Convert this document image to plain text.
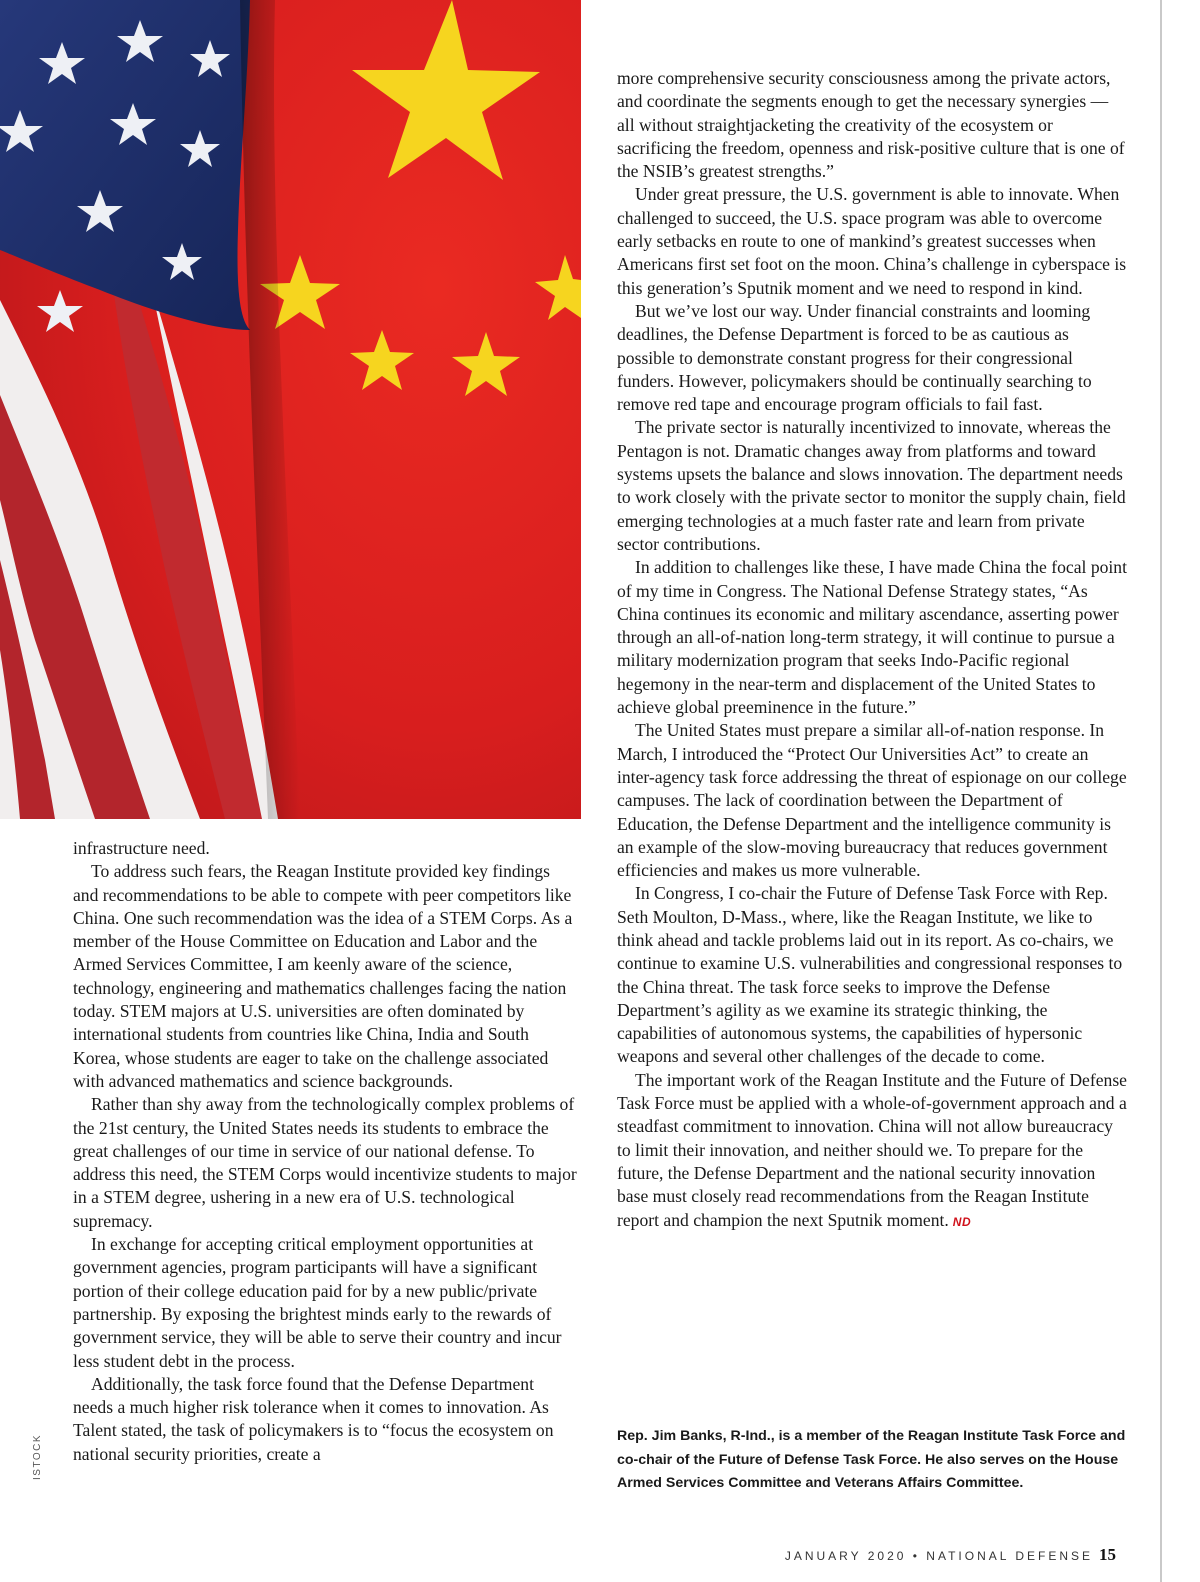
ISTOCK

infrastructure need.

To address such fears, the Reagan Institute provided key findings and recommendations to be able to compete with peer competitors like China. One such recommendation was the idea of a STEM Corps. As a member of the House Committee on Education and Labor and the Armed Services Committee, I am keenly aware of the science, technology, engineering and mathematics challenges facing the nation today. STEM majors at U.S. universities are often dominated by international students from countries like China, India and South Korea, whose students are eager to take on the challenge associated with advanced mathematics and science backgrounds.

Rather than shy away from the technologically complex problems of the 21st century, the United States needs its students to embrace the great challenges of our time in service of our national defense. To address this need, the STEM Corps would incentivize students to major in a STEM degree, ushering in a new era of U.S. technological supremacy.

In exchange for accepting critical employment opportunities at government agencies, program participants will have a significant portion of their college education paid for by a new public/private partnership. By exposing the brightest minds early to the rewards of government service, they will be able to serve their country and incur less student debt in the process.

Additionally, the task force found that the Defense Department needs a much higher risk tolerance when it comes to innovation. As Talent stated, the task of policymakers is to “focus the ecosystem on national security priorities, create a

more comprehensive security consciousness among the private actors, and coordinate the segments enough to get the necessary synergies — all without straightjacketing the creativity of the ecosystem or sacrificing the freedom, openness and risk-positive culture that is one of the NSIB’s greatest strengths.”

Under great pressure, the U.S. government is able to innovate. When challenged to succeed, the U.S. space program was able to overcome early setbacks en route to one of mankind’s greatest successes when Americans first set foot on the moon. China’s challenge in cyberspace is this generation’s Sputnik moment and we need to respond in kind.

But we’ve lost our way. Under financial constraints and looming deadlines, the Defense Department is forced to be as cautious as possible to demonstrate constant progress for their congressional funders. However, policymakers should be continually searching to remove red tape and encourage program officials to fail fast.

The private sector is naturally incentivized to innovate, whereas the Pentagon is not. Dramatic changes away from platforms and toward systems upsets the balance and slows innovation. The department needs to work closely with the private sector to monitor the supply chain, field emerging technologies at a much faster rate and learn from private sector contributions.

In addition to challenges like these, I have made China the focal point of my time in Congress. The National Defense Strategy states, “As China continues its economic and military ascendance, asserting power through an all-of-nation long-term strategy, it will continue to pursue a military modernization program that seeks Indo-Pacific regional hegemony in the near-term and displacement of the United States to achieve global preeminence in the future.”

The United States must prepare a similar all-of-nation response. In March, I introduced the “Protect Our Universities Act” to create an inter-agency task force addressing the threat of espionage on our college campuses. The lack of coordination between the Department of Education, the Defense Department and the intelligence community is an example of the slow-moving bureaucracy that reduces government efficiencies and makes us more vulnerable.

In Congress, I co-chair the Future of Defense Task Force with Rep. Seth Moulton, D-Mass., where, like the Reagan Institute, we like to think ahead and tackle problems laid out in its report. As co-chairs, we continue to examine U.S. vulnerabilities and congressional responses to the China threat. The task force seeks to improve the Defense Department’s agility as we examine its strategic thinking, the capabilities of autonomous systems, the capabilities of hypersonic weapons and several other challenges of the decade to come.

The important work of the Reagan Institute and the Future of Defense Task Force must be applied with a whole-of-government approach and a steadfast commitment to innovation. China will not allow bureaucracy to limit their innovation, and neither should we. To prepare for the future, the Defense Department and the national security innovation base must closely read recommendations from the Reagan Institute report and champion the next Sputnik moment. ND

Rep. Jim Banks, R-Ind., is a member of the Reagan Institute Task Force and co-chair of the Future of Defense Task Force. He also serves on the House Armed Services Committee and Veterans Affairs Committee.
JANUARY 2020 • NATIONAL DEFENSE 15
